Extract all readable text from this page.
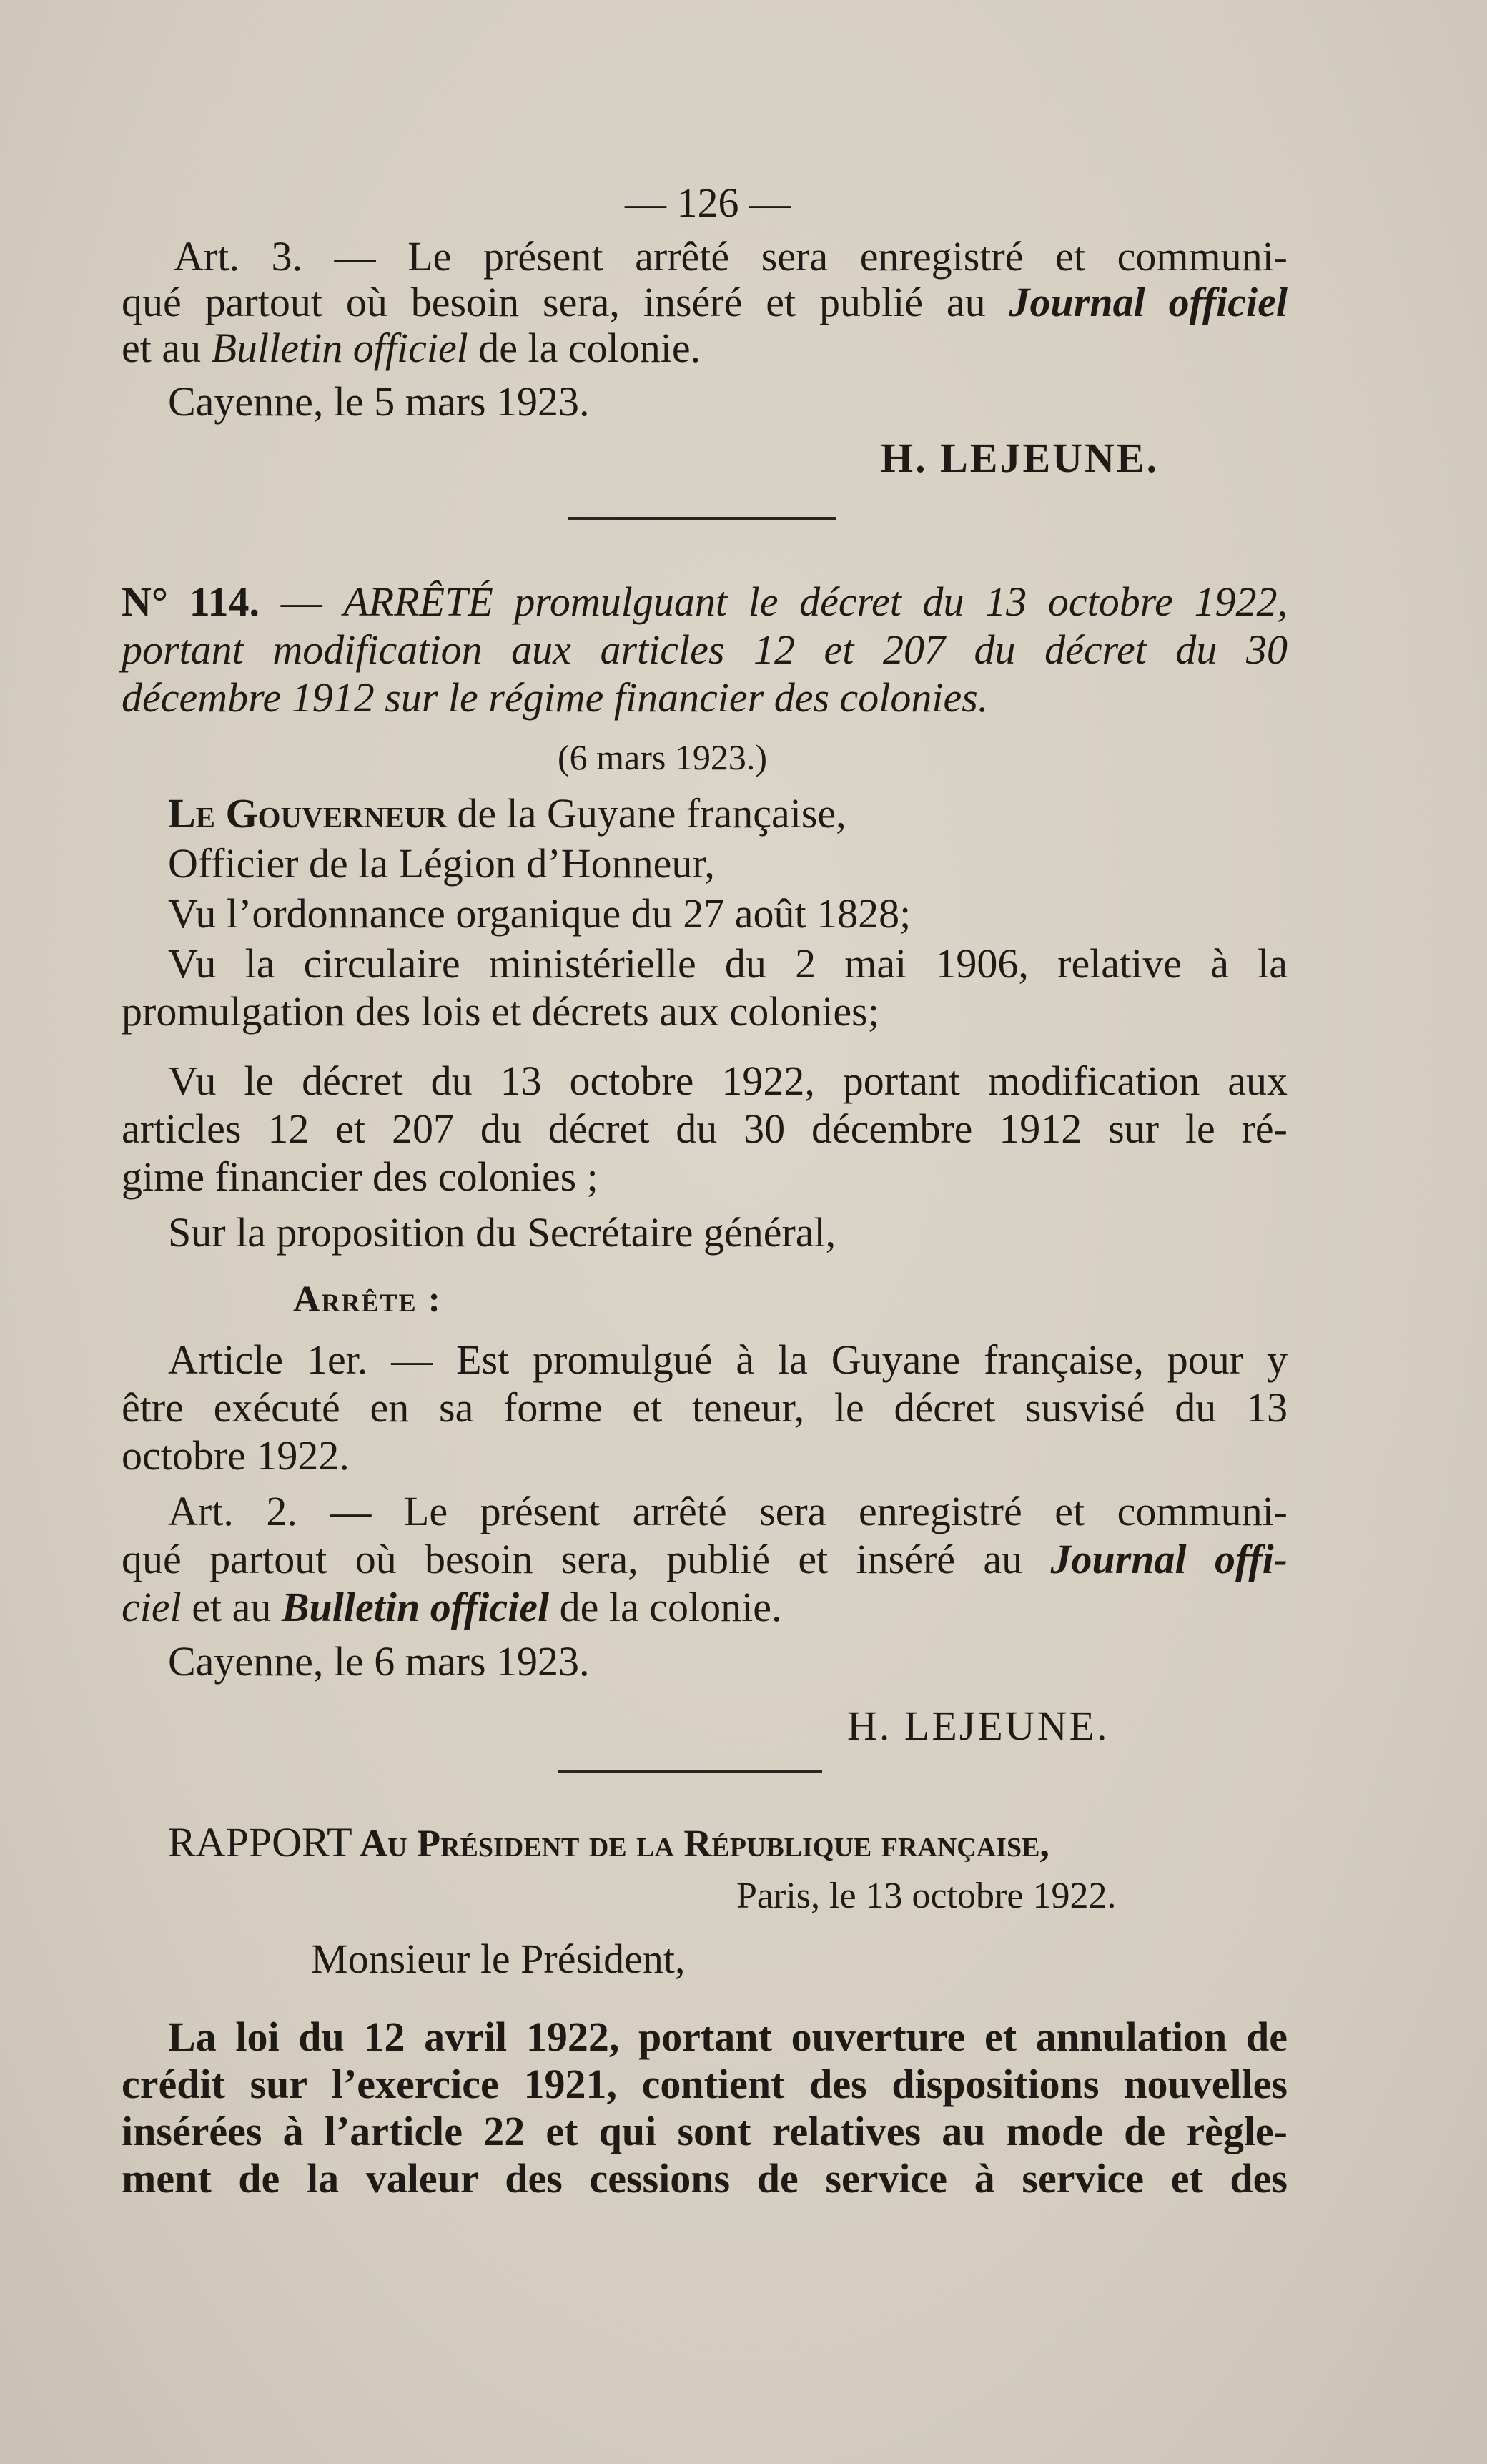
— 126 —
Art. 3. — Le présent arrêté sera enregistré et communi-
qué partout où besoin sera, inséré et publié au Journal officiel
et au Bulletin officiel de la colonie.
Cayenne, le 5 mars 1923.
H. LEJEUNE.
N° 114. — ARRÊTÉ promulguant le décret du 13 octobre 1922,
portant modification aux articles 12 et 207 du décret du 30
décembre 1912 sur le régime financier des colonies.
(6 mars 1923.)
Le Gouverneur de la Guyane française,
Officier de la Légion d’Honneur,
Vu l’ordonnance organique du 27 août 1828;
Vu la circulaire ministérielle du 2 mai 1906, relative à la
promulgation des lois et décrets aux colonies;
Vu le décret du 13 octobre 1922, portant modification aux
articles 12 et 207 du décret du 30 décembre 1912 sur le ré-
gime financier des colonies ;
Sur la proposition du Secrétaire général,
Arrête :
Article 1er. — Est promulgué à la Guyane française, pour y
être exécuté en sa forme et teneur, le décret susvisé du 13
octobre 1922.
Art. 2. — Le présent arrêté sera enregistré et communi-
qué partout où besoin sera, publié et inséré au Journal offi-
ciel et au Bulletin officiel de la colonie.
Cayenne, le 6 mars 1923.
H. LEJEUNE.
RAPPORT Au Président de la République française,
Paris, le 13 octobre 1922.
Monsieur le Président,
La loi du 12 avril 1922, portant ouverture et annulation de
crédit sur l’exercice 1921, contient des dispositions nouvelles
insérées à l’article 22 et qui sont relatives au mode de règle-
ment de la valeur des cessions de service à service et des
